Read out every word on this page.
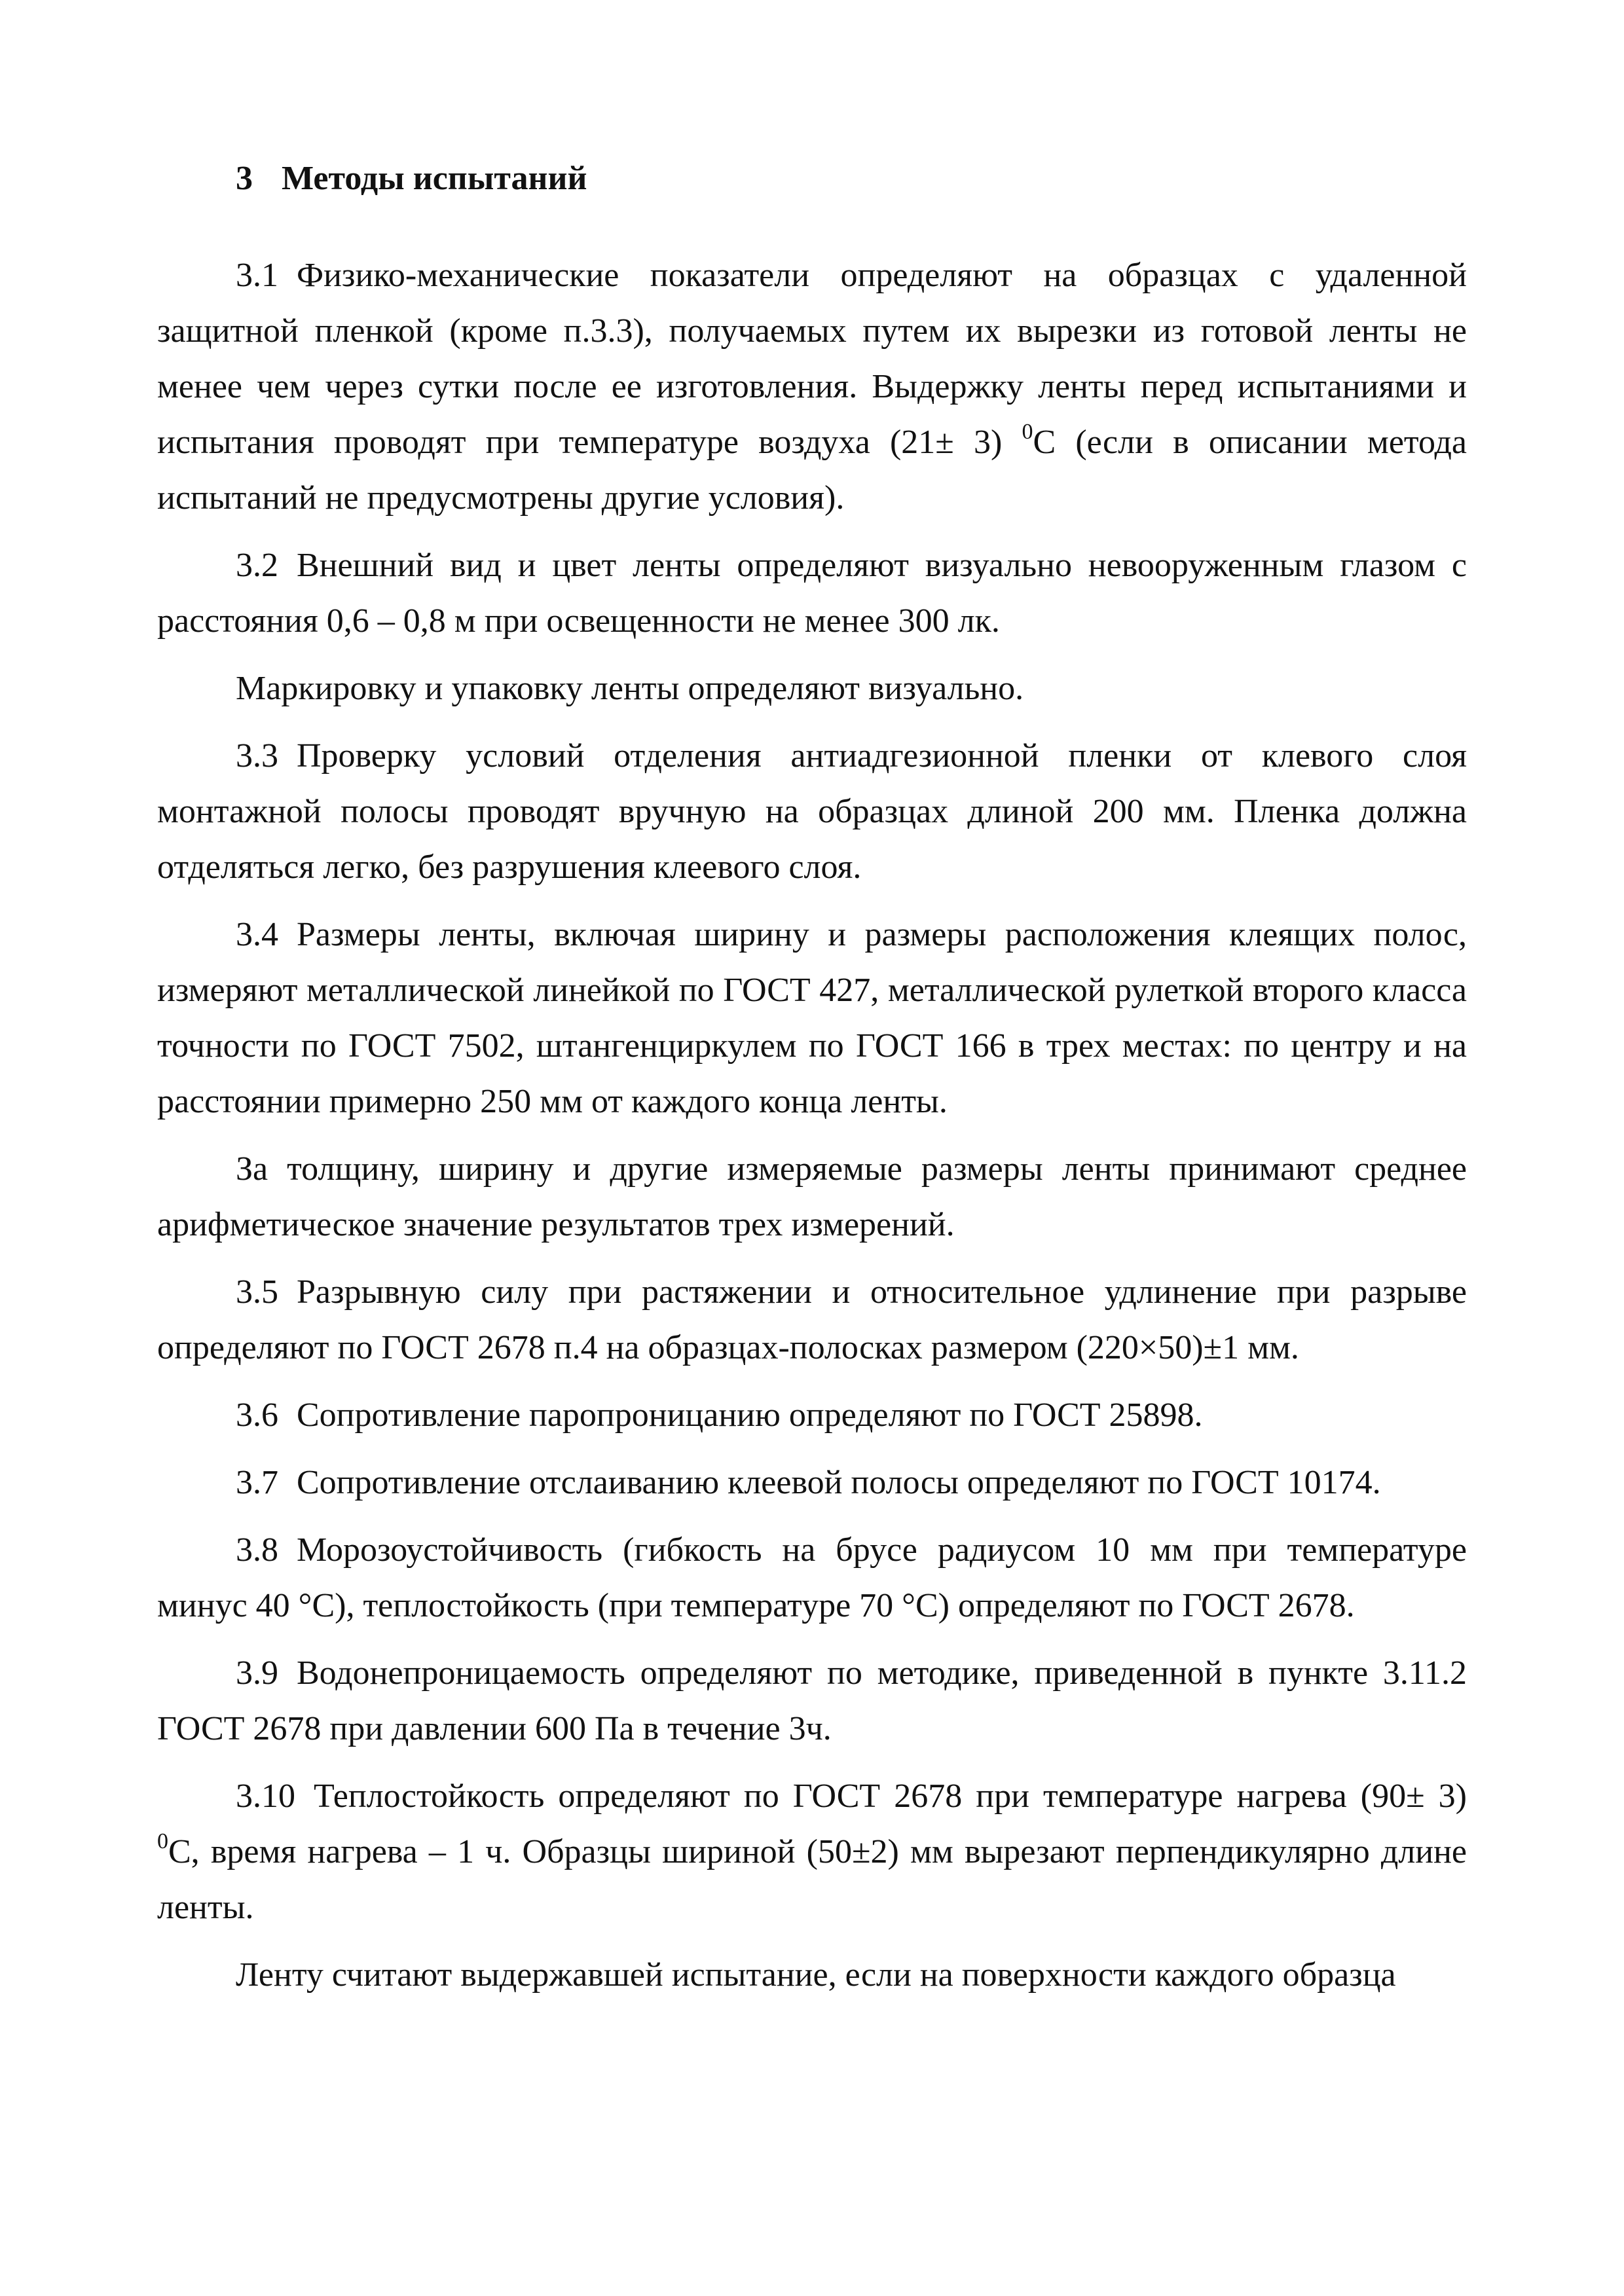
3 Методы испытаний

3.1 Физико-механические показатели определяют на образцах с удаленной защитной пленкой (кроме п.3.3), получаемых путем их вырезки из готовой ленты не менее чем через сутки после ее изготовления. Выдержку ленты перед испытаниями и испытания проводят при температуре воздуха (21± 3) $^0$С (если в описании метода испытаний не предусмотрены другие условия).

3.2 Внешний вид и цвет ленты определяют визуально невооруженным глазом с расстояния 0,6 – 0,8 м при освещенности не менее 300 лк.

Маркировку и упаковку ленты определяют визуально.

3.3 Проверку условий отделения антиадгезионной пленки от клевого слоя монтажной полосы проводят вручную на образцах длиной 200 мм. Пленка должна отделяться легко, без разрушения клеевого слоя.

3.4 Размеры ленты, включая ширину и размеры расположения клеящих полос, измеряют металлической линейкой по ГОСТ 427, металлической рулеткой второго класса точности по ГОСТ 7502, штангенциркулем по ГОСТ 166 в трех местах: по центру и на расстоянии примерно 250 мм от каждого конца ленты.

За толщину, ширину и другие измеряемые размеры ленты принимают среднее арифметическое значение результатов трех измерений.

3.5 Разрывную силу при растяжении и относительное удлинение при разрыве определяют по ГОСТ 2678 п.4 на образцах-полосках размером (220×50)±1 мм.

3.6 Сопротивление паропроницанию определяют по ГОСТ 25898.

3.7 Сопротивление отслаиванию клеевой полосы определяют по ГОСТ 10174.

3.8 Морозоустойчивость (гибкость на брусе радиусом 10 мм при температуре минус 40 °С), теплостойкость (при температуре 70 °С) определяют по ГОСТ 2678.

3.9 Водонепроницаемость определяют по методике, приведенной в пункте 3.11.2 ГОСТ 2678 при давлении 600 Па в течение 3ч.

3.10 Теплостойкость определяют по ГОСТ 2678 при температуре нагрева (90± 3) $^0$С, время нагрева – 1 ч. Образцы шириной (50±2) мм вырезают перпендикулярно длине ленты.

Ленту считают выдержавшей испытание, если на поверхности каждого образца
